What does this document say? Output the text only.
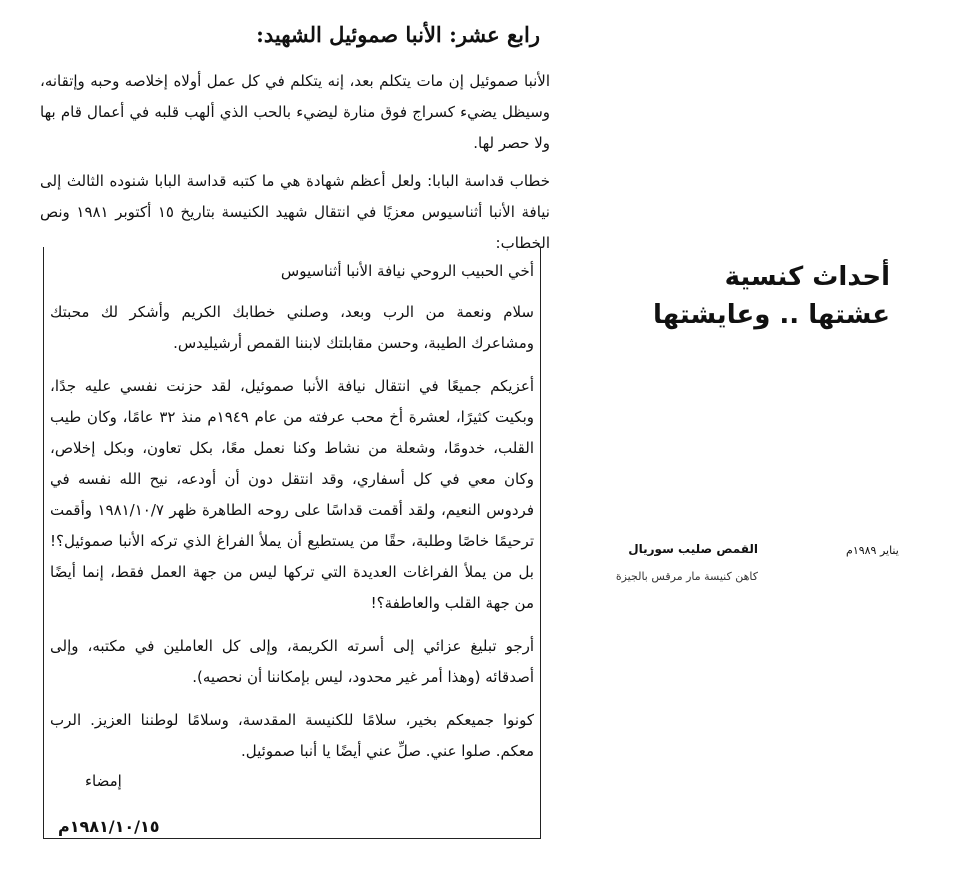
رابع عشر: الأنبا صموئيل الشهيد:

الأنبا صموئيل إن مات يتكلم بعد، إنه يتكلم في كل عمل أولاه إخلاصه وحبه وإتقانه، وسيظل يضيء كسراج فوق منارة ليضيء بالحب الذي ألهب قلبه في أعمال قام بها ولا حصر لها.

خطاب قداسة البابا: ولعل أعظم شهادة هي ما كتبه قداسة البابا شنوده الثالث إلى نيافة الأنبا أثناسيوس معزيًا في انتقال شهيد الكنيسة بتاريخ ١٥ أكتوبر ١٩٨١ ونص الخطاب:

أخي الحبيب الروحي نيافة الأنبا أثناسيوس

سلام ونعمة من الرب وبعد، وصلني خطابك الكريم وأشكر لك محبتك ومشاعرك الطيبة، وحسن مقابلتك لابننا القمص أرشيليدس.

أعزيكم جميعًا في انتقال نيافة الأنبا صموئيل، لقد حزنت نفسي عليه جدًا، وبكيت كثيرًا، لعشرة أخ محب عرفته من عام ١٩٤٩م منذ ٣٢ عامًا، وكان طيب القلب، خدومًا، وشعلة من نشاط وكنا نعمل معًا، بكل تعاون، وبكل إخلاص، وكان معي في كل أسفاري، وقد انتقل دون أن أودعه، نيح الله نفسه في فردوس النعيم، ولقد أقمت قداسًا على روحه الطاهرة ظهر ١٩٨١/١٠/٧ وأقمت ترحيمًا خاصًا وطلبة، حقًا من يستطيع أن يملأ الفراغ الذي تركه الأنبا صموئيل؟! بل من يملأ الفراغات العديدة التي تركها ليس من جهة العمل فقط، إنما أيضًا من جهة القلب والعاطفة؟!

أرجو تبليغ عزائي إلى أسرته الكريمة، وإلى كل العاملين في مكتبه، وإلى أصدقائه (وهذا أمر غير محدود، ليس بإمكاننا أن نحصيه).

كونوا جميعكم بخير، سلامًا للكنيسة المقدسة، وسلامًا لوطننا العزيز. الرب معكم. صلوا عني. صلِّ عني أيضًا يا أنبا صموئيل.

إمضاء
١٩٨١/١٠/١٥م
أحداث كنسية
عشتها .. وعايشتها
القمص صليب سوريال
كاهن كنيسة مار مرقس بالجيزة
يناير ١٩٨٩م
